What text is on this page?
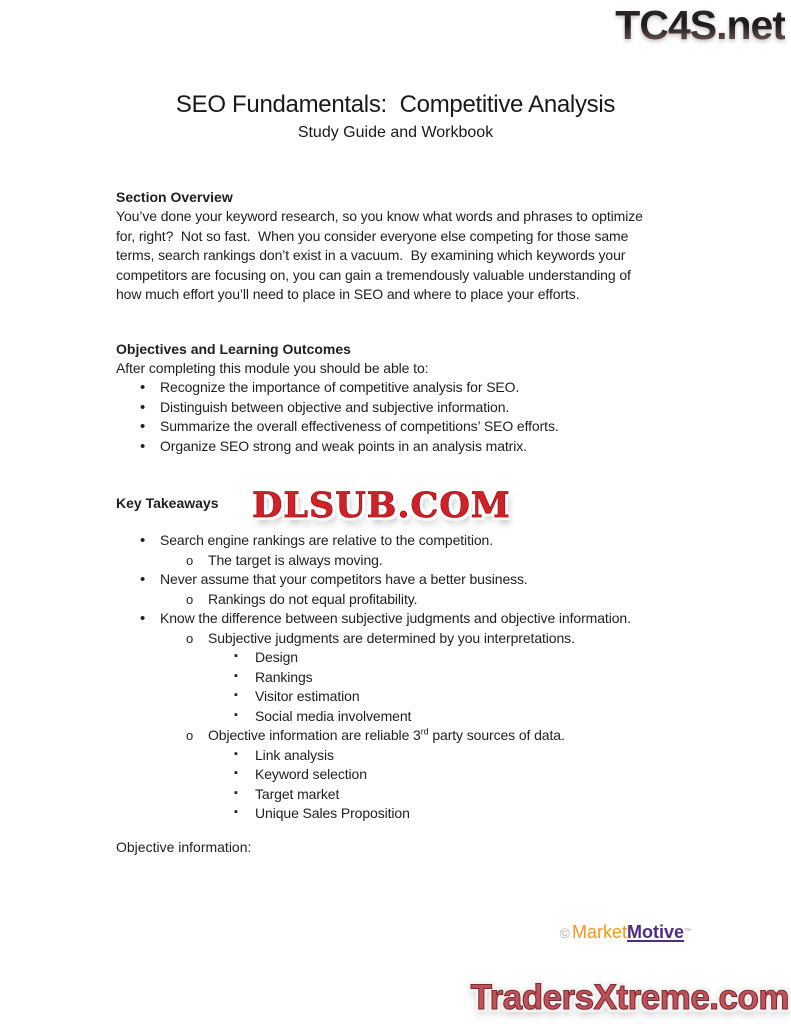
TC4S.net
SEO Fundamentals:  Competitive Analysis
Study Guide and Workbook
Section Overview
You’ve done your keyword research, so you know what words and phrases to optimize
for, right?  Not so fast.  When you consider everyone else competing for those same
terms, search rankings don’t exist in a vacuum.  By examining which keywords your
competitors are focusing on, you can gain a tremendously valuable understanding of
how much effort you’ll need to place in SEO and where to place your efforts.
Objectives and Learning Outcomes
After completing this module you should be able to:
• Recognize the importance of competitive analysis for SEO.
• Distinguish between objective and subjective information.
• Summarize the overall effectiveness of competitions’ SEO efforts.
• Organize SEO strong and weak points in an analysis matrix.
Key Takeaways
• Search engine rankings are relative to the competition.
o The target is always moving.
• Never assume that your competitors have a better business.
o Rankings do not equal profitability.
• Know the difference between subjective judgments and objective information.
o Subjective judgments are determined by you interpretations.
▪ Design
▪ Rankings
▪ Visitor estimation
▪ Social media involvement
o Objective information are reliable 3rd party sources of data.
▪ Link analysis
▪ Keyword selection
▪ Target market
▪ Unique Sales Proposition
Objective information:
DLSUB.COM
© MarketMotive™
TradersXtreme.com
